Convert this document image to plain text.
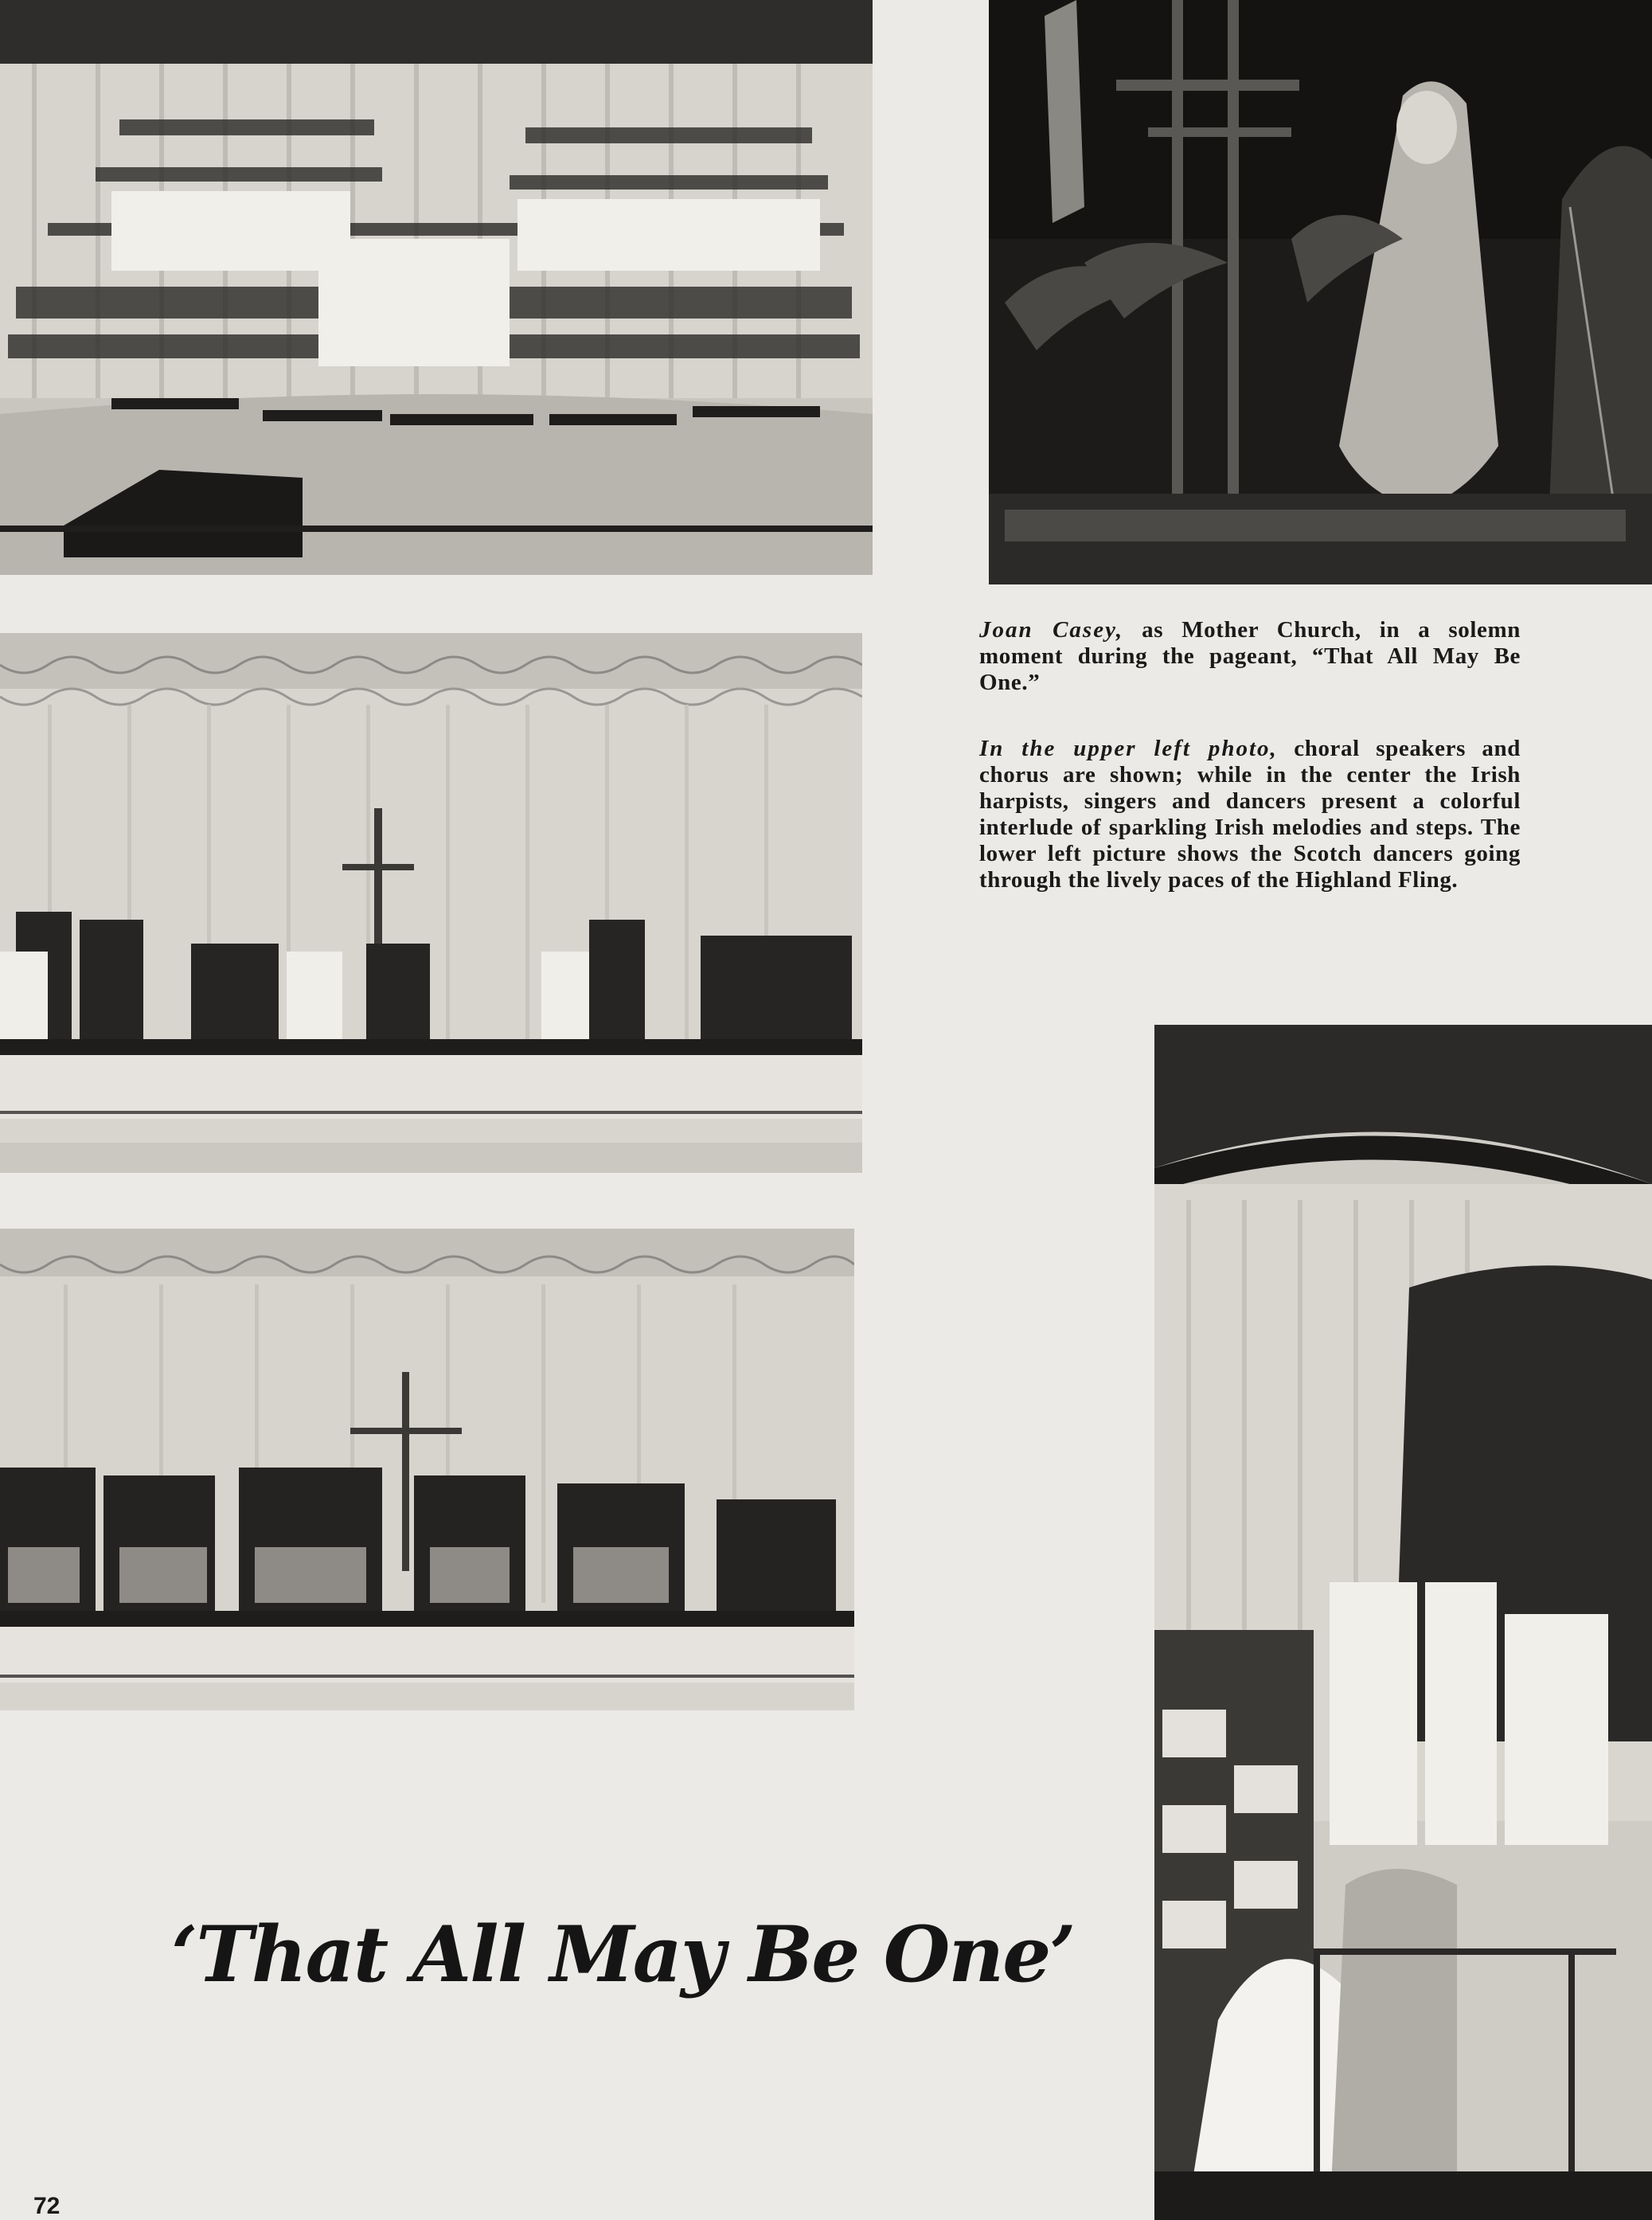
Joan Casey, as Mother Church, in a solemn moment during the pageant, “That All May Be One.”

In the upper left photo, choral speakers and chorus are shown; while in the center the Irish harpists, singers and dancers present a colorful interlude of sparkling Irish melodies and steps. The lower left picture shows the Scotch dancers going through the lively paces of the Highland Fling.

‘That All May Be One’
72
